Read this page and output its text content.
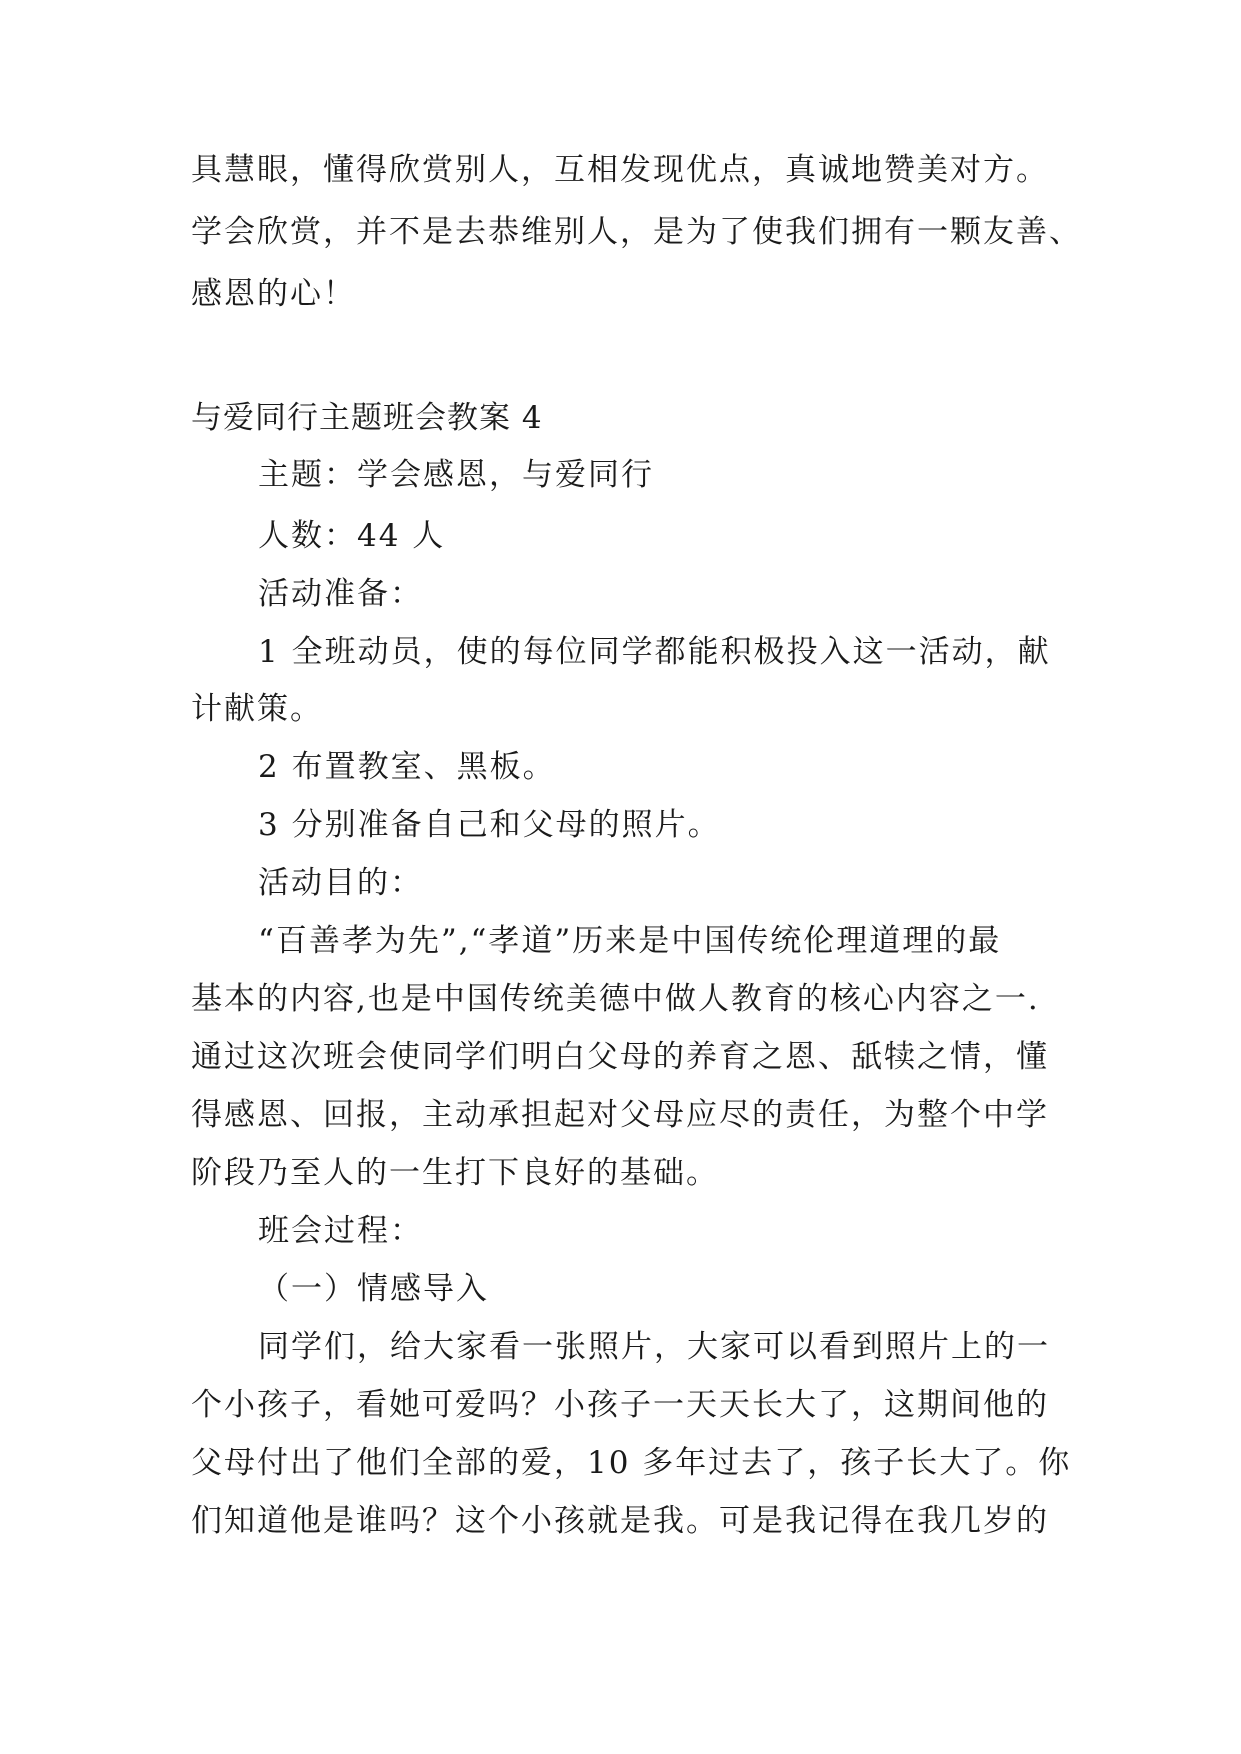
具慧眼，懂得欣赏别人，互相发现优点，真诚地赞美对方。
学会欣赏，并不是去恭维别人，是为了使我们拥有一颗友善、
感恩的心！
与爱同行主题班会教案 4
主题：学会感恩，与爱同行
人数：44 人
活动准备：
1 全班动员，使的每位同学都能积极投入这一活动，献
计献策。
2 布置教室、黑板。
3 分别准备自己和父母的照片。
活动目的：
“百善孝为先”,“孝道”历来是中国传统伦理道理的最
基本的内容,也是中国传统美德中做人教育的核心内容之一.
通过这次班会使同学们明白父母的养育之恩、舐犊之情，懂
得感恩、回报，主动承担起对父母应尽的责任，为整个中学
阶段乃至人的一生打下良好的基础。
班会过程：
（一）情感导入
同学们，给大家看一张照片，大家可以看到照片上的一
个小孩子，看她可爱吗？小孩子一天天长大了，这期间他的
父母付出了他们全部的爱，10 多年过去了，孩子长大了。你
们知道他是谁吗？这个小孩就是我。可是我记得在我几岁的
